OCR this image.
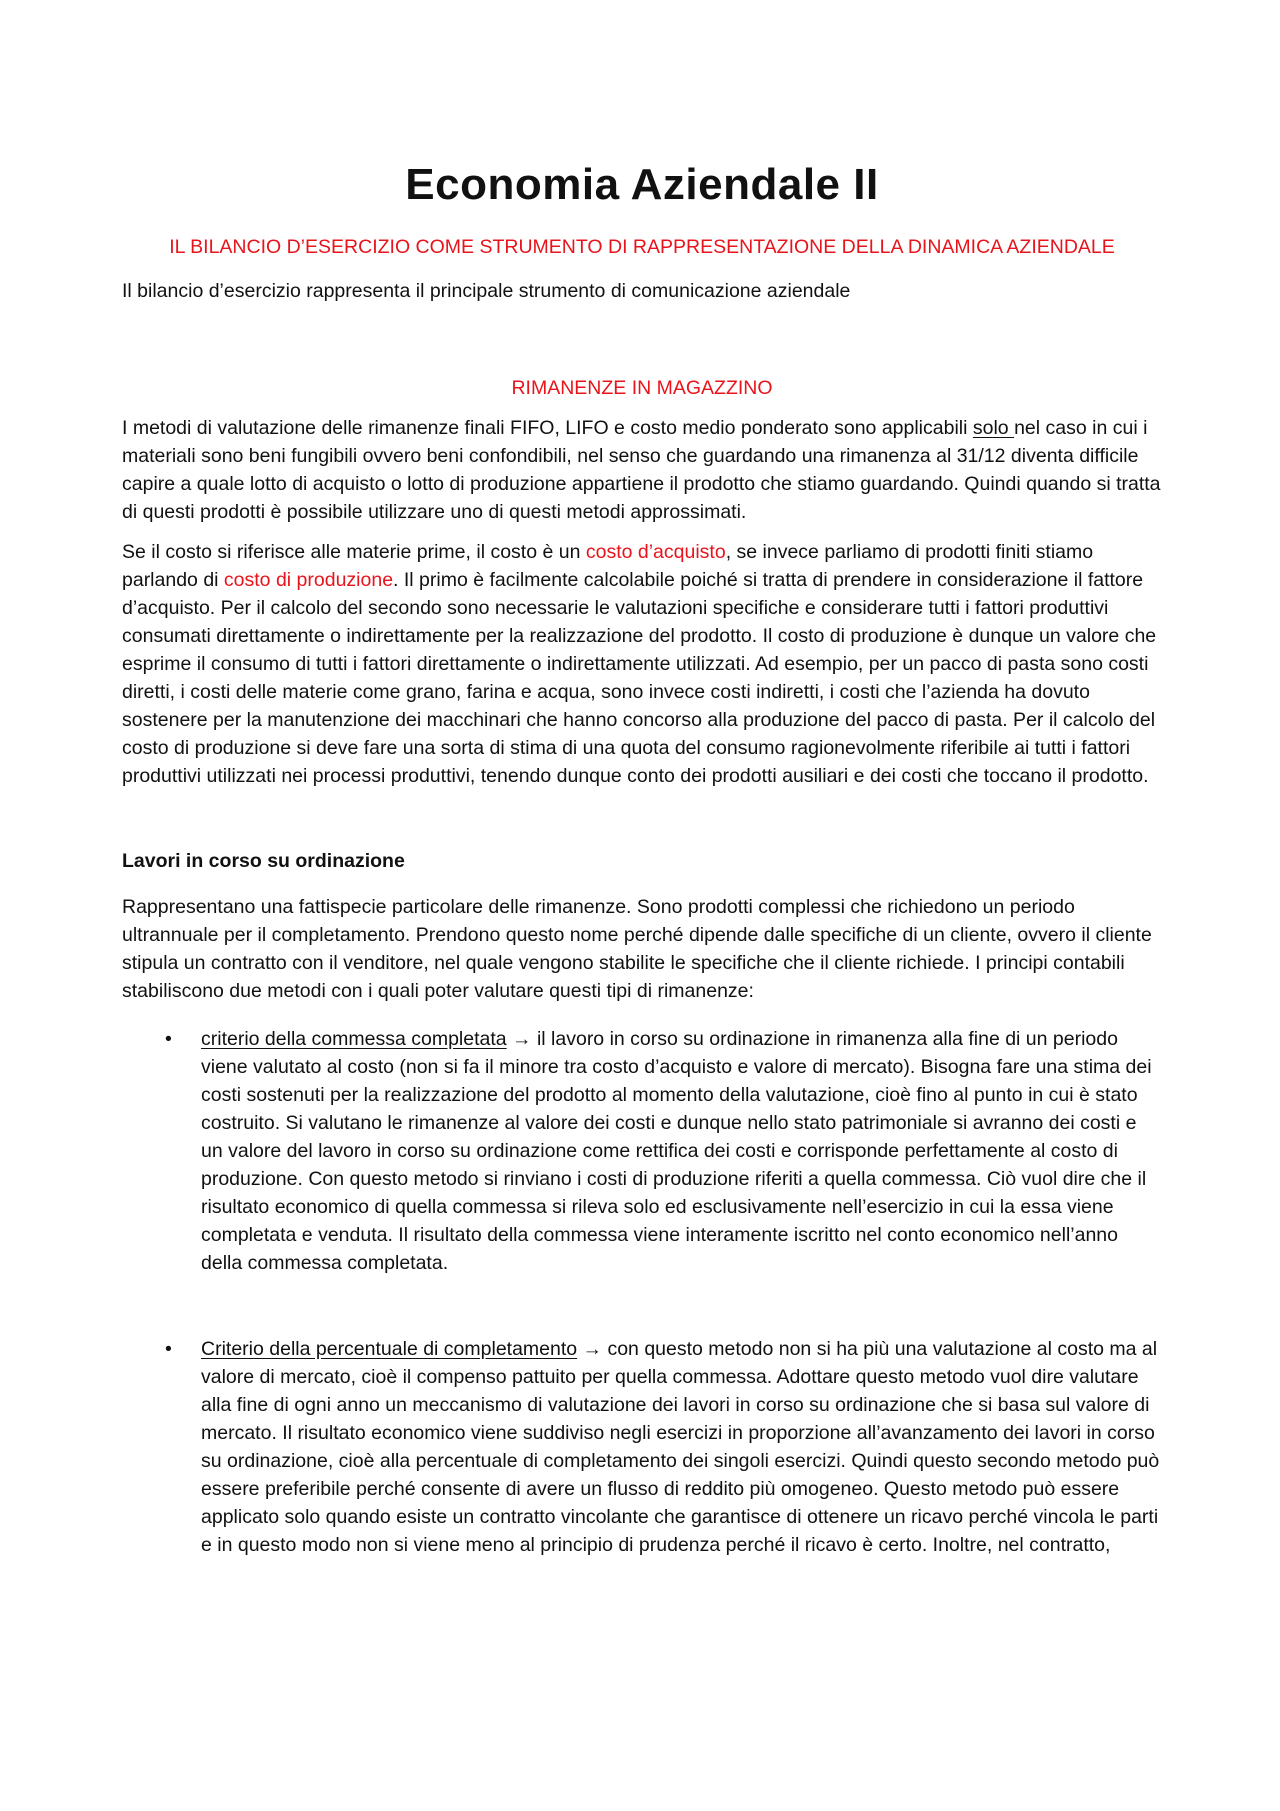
Economia Aziendale II
IL BILANCIO D’ESERCIZIO COME STRUMENTO DI RAPPRESENTAZIONE DELLA DINAMICA AZIENDALE

Il bilancio d’esercizio rappresenta il principale strumento di comunicazione aziendale

RIMANENZE IN MAGAZZINO

I metodi di valutazione delle rimanenze finali FIFO, LIFO e costo medio ponderato sono applicabili solo nel caso in cui i materiali sono beni fungibili ovvero beni confondibili, nel senso che guardando una rimanenza al 31/12 diventa difficile capire a quale lotto di acquisto o lotto di produzione appartiene il prodotto che stiamo guardando. Quindi quando si tratta di questi prodotti è possibile utilizzare uno di questi metodi approssimati.

Se il costo si riferisce alle materie prime, il costo è un costo d’acquisto, se invece parliamo di prodotti finiti stiamo parlando di costo di produzione. Il primo è facilmente calcolabile poiché si tratta di prendere in considerazione il fattore d’acquisto. Per il calcolo del secondo sono necessarie le valutazioni specifiche e considerare tutti i fattori produttivi consumati direttamente o indirettamente per la realizzazione del prodotto. Il costo di produzione è dunque un valore che esprime il consumo di tutti i fattori direttamente o indirettamente utilizzati. Ad esempio, per un pacco di pasta sono costi diretti, i costi delle materie come grano, farina e acqua, sono invece costi indiretti, i costi che l’azienda ha dovuto sostenere per la manutenzione dei macchinari che hanno concorso alla produzione del pacco di pasta. Per il calcolo del costo di produzione si deve fare una sorta di stima di una quota del consumo ragionevolmente riferibile ai tutti i fattori produttivi utilizzati nei processi produttivi, tenendo dunque conto dei prodotti ausiliari e dei costi che toccano il prodotto.

Lavori in corso su ordinazione

Rappresentano una fattispecie particolare delle rimanenze. Sono prodotti complessi che richiedono un periodo ultrannuale per il completamento. Prendono questo nome perché dipende dalle specifiche di un cliente, ovvero il cliente stipula un contratto con il venditore, nel quale vengono stabilite le specifiche che il cliente richiede. I principi contabili stabiliscono due metodi con i quali poter valutare questi tipi di rimanenze:

• criterio della commessa completata → il lavoro in corso su ordinazione in rimanenza alla fine di un periodo viene valutato al costo (non si fa il minore tra costo d’acquisto e valore di mercato). Bisogna fare una stima dei costi sostenuti per la realizzazione del prodotto al momento della valutazione, cioè fino al punto in cui è stato costruito. Si valutano le rimanenze al valore dei costi e dunque nello stato patrimoniale si avranno dei costi e un valore del lavoro in corso su ordinazione come rettifica dei costi e corrisponde perfettamente al costo di produzione. Con questo metodo si rinviano i costi di produzione riferiti a quella commessa. Ciò vuol dire che il risultato economico di quella commessa si rileva solo ed esclusivamente nell’esercizio in cui la essa viene completata e venduta. Il risultato della commessa viene interamente iscritto nel conto economico nell’anno della commessa completata.
• Criterio della percentuale di completamento → con questo metodo non si ha più una valutazione al costo ma al valore di mercato, cioè il compenso pattuito per quella commessa. Adottare questo metodo vuol dire valutare alla fine di ogni anno un meccanismo di valutazione dei lavori in corso su ordinazione che si basa sul valore di mercato. Il risultato economico viene suddiviso negli esercizi in proporzione all’avanzamento dei lavori in corso su ordinazione, cioè alla percentuale di completamento dei singoli esercizi. Quindi questo secondo metodo può essere preferibile perché consente di avere un flusso di reddito più omogeneo. Questo metodo può essere applicato solo quando esiste un contratto vincolante che garantisce di ottenere un ricavo perché vincola le parti e in questo modo non si viene meno al principio di prudenza perché il ricavo è certo. Inoltre, nel contratto,
